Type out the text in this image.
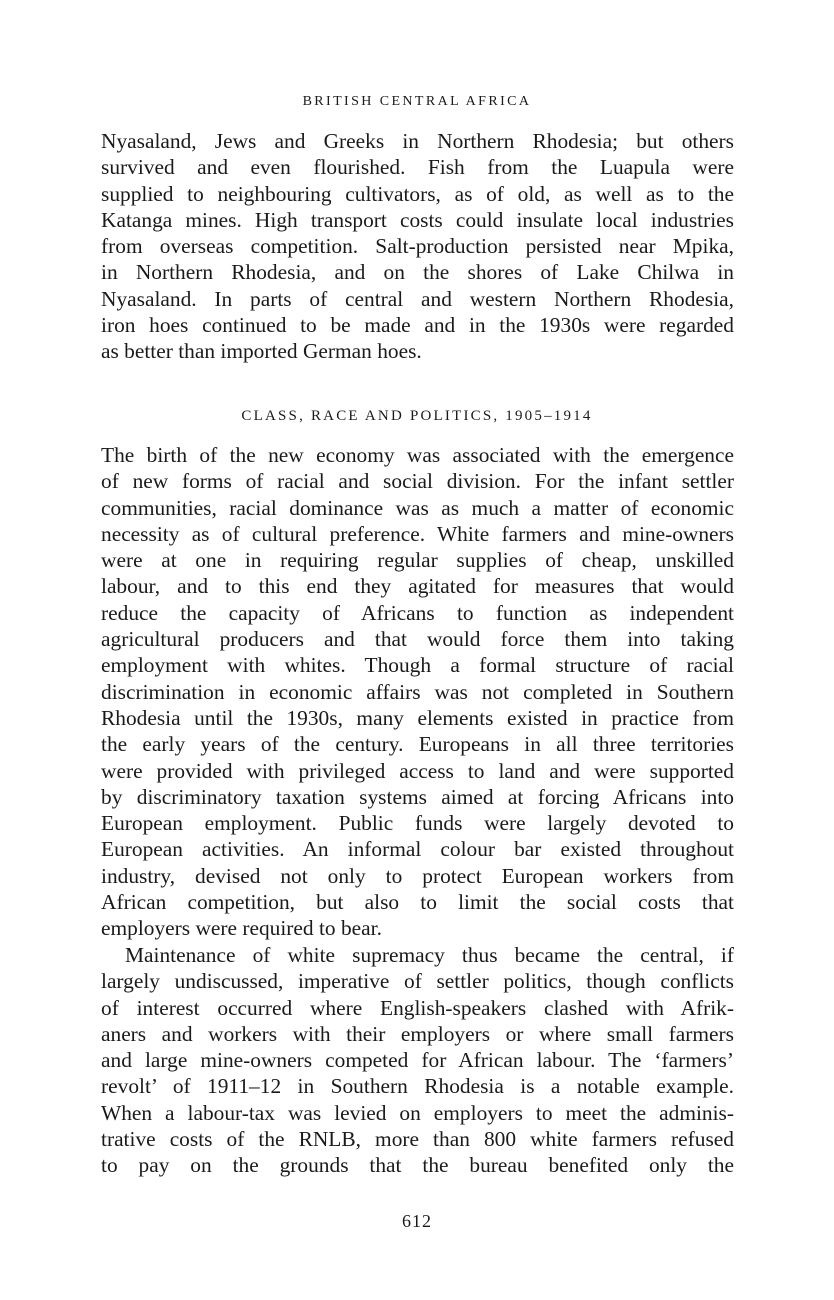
BRITISH CENTRAL AFRICA
Nyasaland, Jews and Greeks in Northern Rhodesia; but others
survived and even flourished. Fish from the Luapula were
supplied to neighbouring cultivators, as of old, as well as to the
Katanga mines. High transport costs could insulate local industries
from overseas competition. Salt-production persisted near Mpika,
in Northern Rhodesia, and on the shores of Lake Chilwa in
Nyasaland. In parts of central and western Northern Rhodesia,
iron hoes continued to be made and in the 1930s were regarded
as better than imported German hoes.
CLASS, RACE AND POLITICS, 1905–1914
The birth of the new economy was associated with the emergence
of new forms of racial and social division. For the infant settler
communities, racial dominance was as much a matter of economic
necessity as of cultural preference. White farmers and mine-owners
were at one in requiring regular supplies of cheap, unskilled
labour, and to this end they agitated for measures that would
reduce the capacity of Africans to function as independent
agricultural producers and that would force them into taking
employment with whites. Though a formal structure of racial
discrimination in economic affairs was not completed in Southern
Rhodesia until the 1930s, many elements existed in practice from
the early years of the century. Europeans in all three territories
were provided with privileged access to land and were supported
by discriminatory taxation systems aimed at forcing Africans into
European employment. Public funds were largely devoted to
European activities. An informal colour bar existed throughout
industry, devised not only to protect European workers from
African competition, but also to limit the social costs that
employers were required to bear.
Maintenance of white supremacy thus became the central, if
largely undiscussed, imperative of settler politics, though conflicts
of interest occurred where English-speakers clashed with Afrik-
aners and workers with their employers or where small farmers
and large mine-owners competed for African labour. The ‘farmers’
revolt’ of 1911–12 in Southern Rhodesia is a notable example.
When a labour-tax was levied on employers to meet the adminis-
trative costs of the RNLB, more than 800 white farmers refused
to pay on the grounds that the bureau benefited only the
612
